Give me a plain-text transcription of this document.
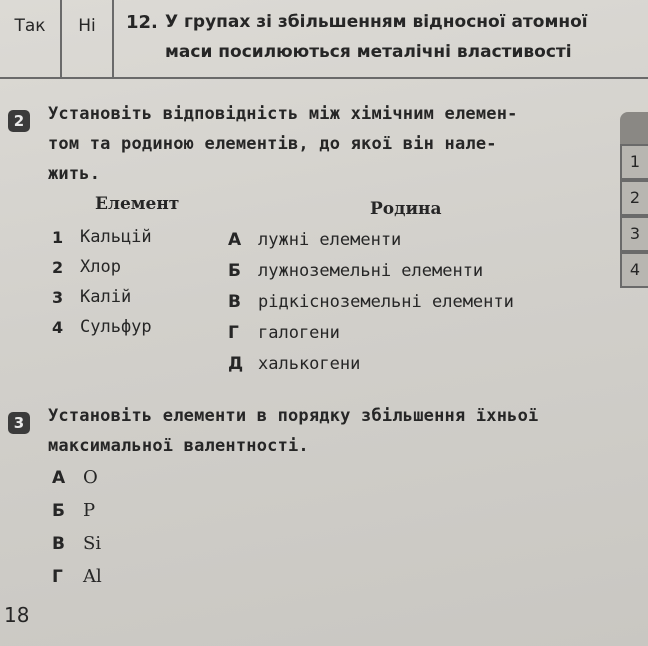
Так	Ні	12. У групах зі збільшенням відносної атомної
маси посилюються металічні властивості
2	Установіть відповідність між хімічним елемен-
том та родиною елементів, до якої він нале-
жить.
Елемент	Родина
1 Кальцій
2 Хлор
3 Калій
4 Сульфур
А лужні елементи
Б лужноземельні елементи
В рідкісноземельні елементи
Г галогени
Д халькогени
3	Установіть елементи в порядку збільшення їхньої
максимальної валентності.
А O
Б P
В Si
Г Al
18
1
2
3
4
